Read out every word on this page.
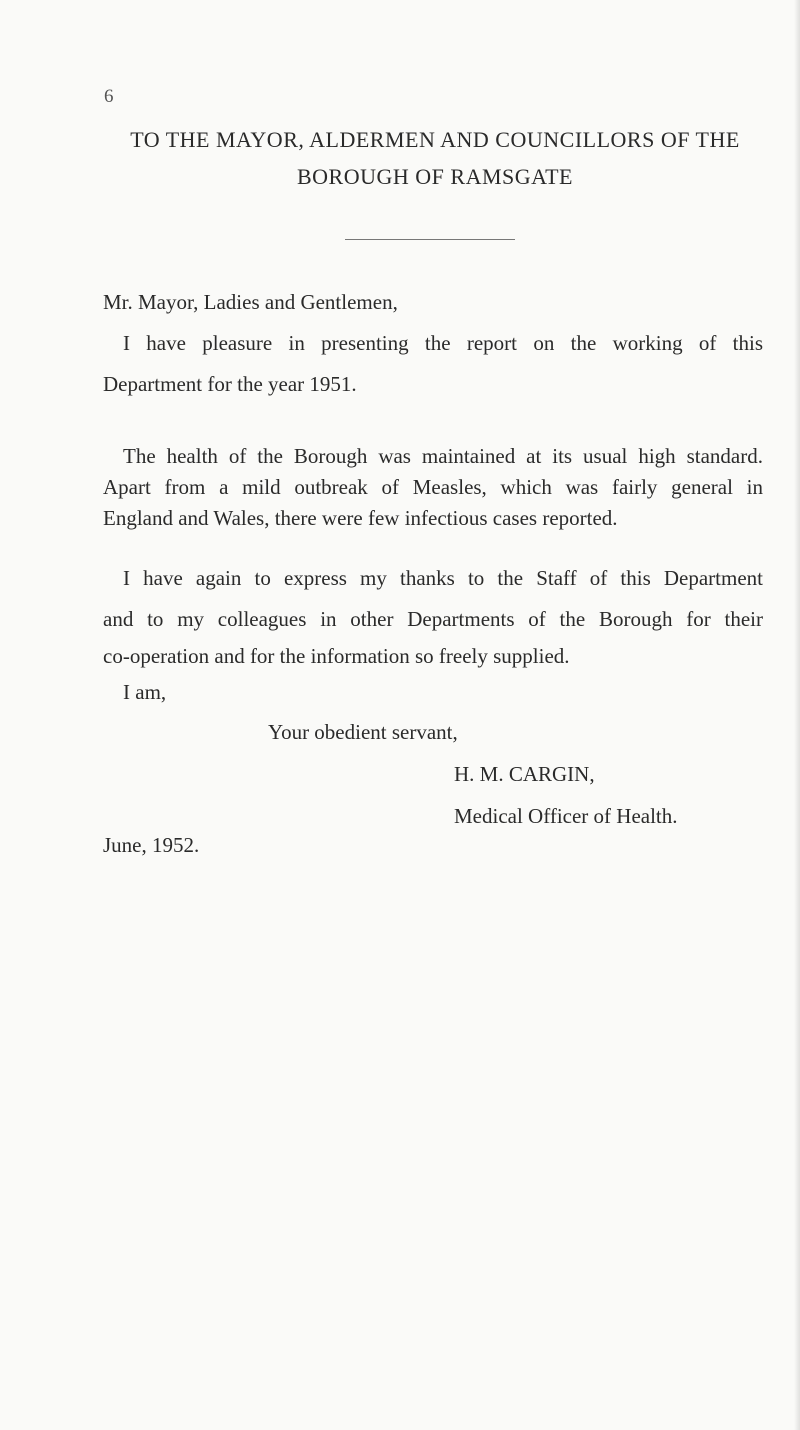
6
TO THE MAYOR, ALDERMEN AND COUNCILLORS OF THE
BOROUGH OF RAMSGATE
Mr. Mayor, Ladies and Gentlemen,
I have pleasure in presenting the report on the working of this
Department for the year 1951.
The health of the Borough was maintained at its usual high standard.
Apart from a mild outbreak of Measles, which was fairly general in
England and Wales, there were few infectious cases reported.
I have again to express my thanks to the Staff of this Department
and to my colleagues in other Departments of the Borough for their
co-operation and for the information so freely supplied.
I am,
Your obedient servant,
H. M. CARGIN,
Medical Officer of Health.
June, 1952.
